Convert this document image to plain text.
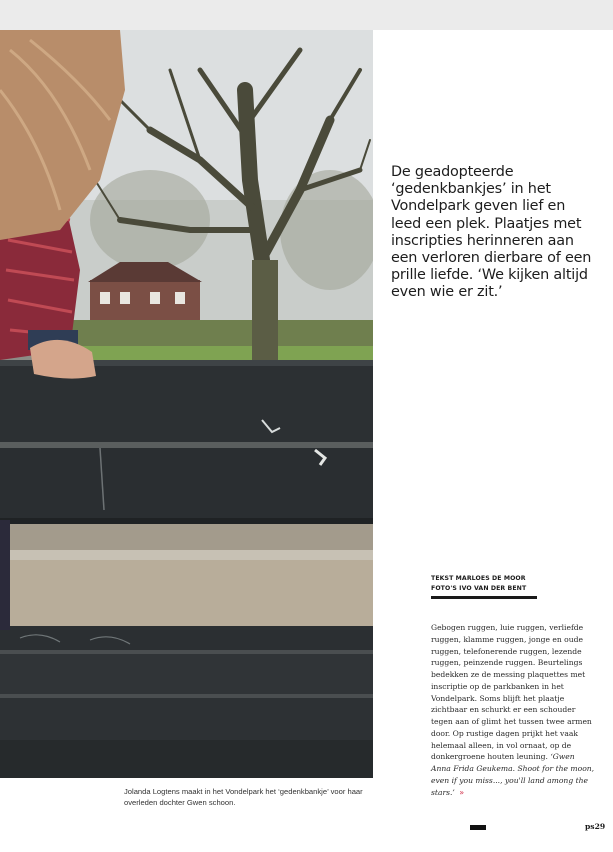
Jolanda Logtens maakt in het Vondelpark het ‘gedenkbankje’ voor haar overleden dochter Gwen schoon.
De geadopteerde ‘gedenkbankjes’ in het Vondelpark geven lief en leed een plek. Plaatjes met inscripties herinneren aan een verloren dierbare of een prille liefde. ‘We kijken altijd even wie er zit.’
TEKST MARLOES DE MOOR
FOTO'S IVO VAN DER BENT
Gebogen ruggen, luie ruggen, verliefde ruggen, klamme ruggen, jonge en oude ruggen, telefonerende ruggen, lezende ruggen, peinzende ruggen. Beurtelings bedekken ze de messing plaquettes met inscriptie op de parkbanken in het Vondelpark. Soms blijft het plaatje zichtbaar en schurkt er een schouder tegen aan of glimt het tussen twee armen door. Op rustige dagen prijkt het vaak helemaal alleen, in vol ornaat, op de donkergroene houten leuning. ‘Gwen Anna Frida Geukema. Shoot for the moon, even if you miss..., you'll land among the stars.’ »
ps29
